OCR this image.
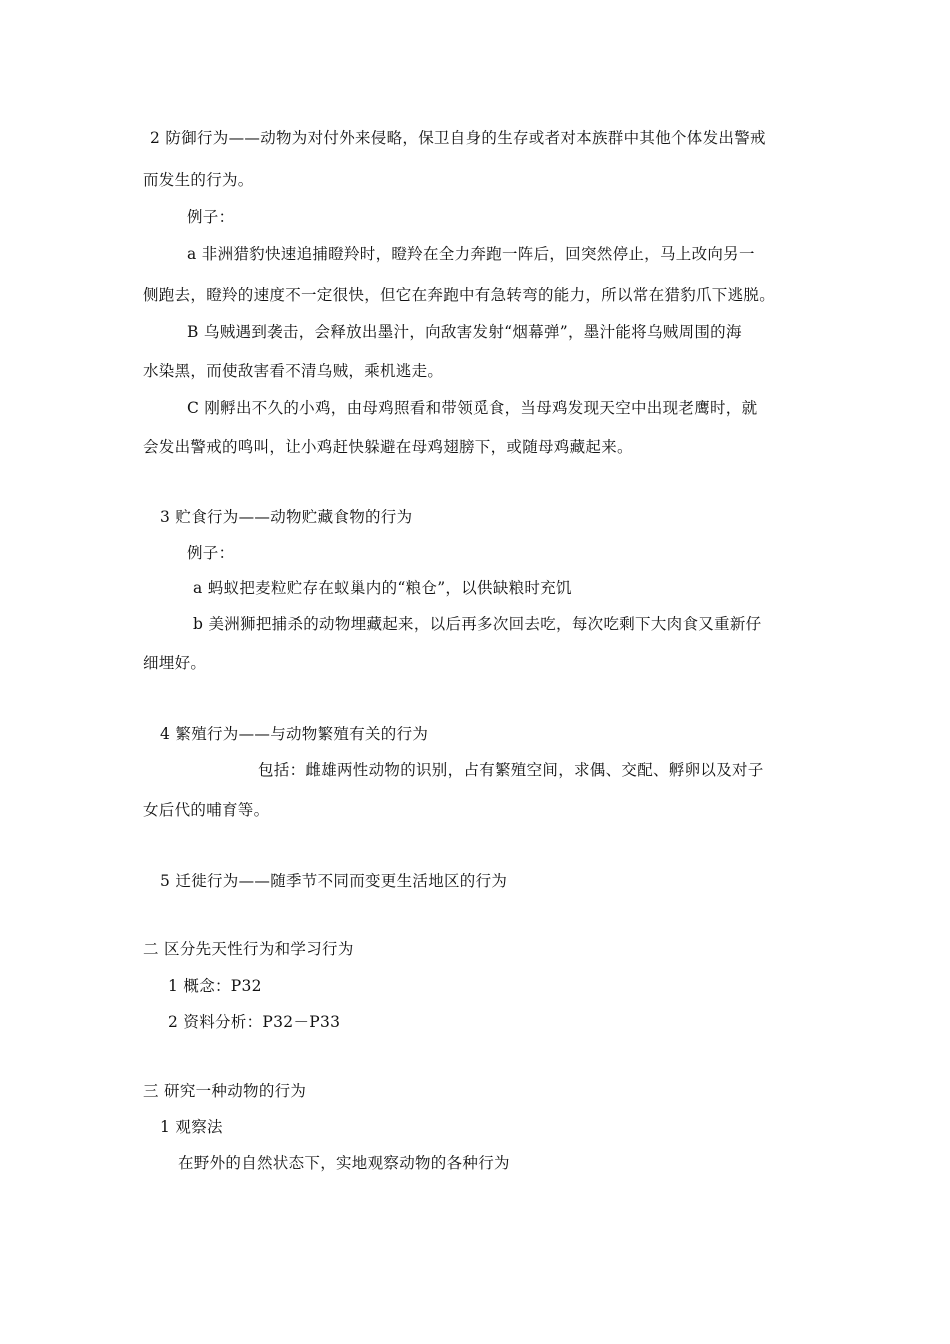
2 防御行为——动物为对付外来侵略，保卫自身的生存或者对本族群中其他个体发出警戒
而发生的行为。
例子：
a 非洲猎豹快速追捕瞪羚时，瞪羚在全力奔跑一阵后，回突然停止，马上改向另一
侧跑去，瞪羚的速度不一定很快，但它在奔跑中有急转弯的能力，所以常在猎豹爪下逃脱。
B 乌贼遇到袭击，会释放出墨汁，向敌害发射“烟幕弹”，墨汁能将乌贼周围的海
水染黑，而使敌害看不清乌贼，乘机逃走。
C 刚孵出不久的小鸡，由母鸡照看和带领觅食，当母鸡发现天空中出现老鹰时，就
会发出警戒的鸣叫，让小鸡赶快躲避在母鸡翅膀下，或随母鸡藏起来。
3 贮食行为——动物贮藏食物的行为
例子：
a 蚂蚁把麦粒贮存在蚁巢内的“粮仓”，以供缺粮时充饥
b 美洲狮把捕杀的动物埋藏起来，以后再多次回去吃，每次吃剩下大肉食又重新仔
细埋好。
4 繁殖行为——与动物繁殖有关的行为
包括：雌雄两性动物的识别，占有繁殖空间，求偶、交配、孵卵以及对子
女后代的哺育等。
5 迁徙行为——随季节不同而变更生活地区的行为
二 区分先天性行为和学习行为
1 概念：P32
2 资料分析：P32－P33
三 研究一种动物的行为
1 观察法
在野外的自然状态下，实地观察动物的各种行为
